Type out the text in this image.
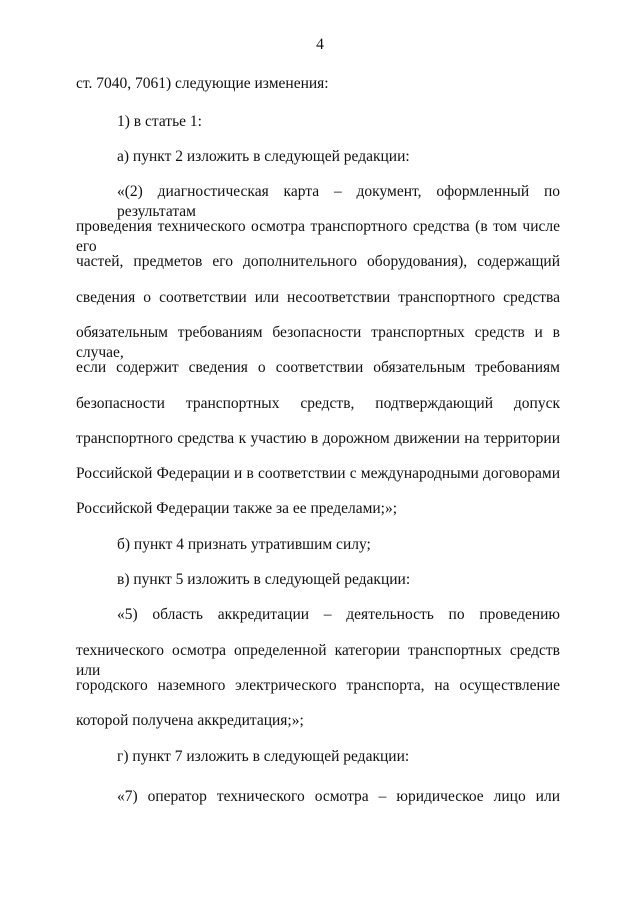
4
ст. 7040, 7061) следующие изменения:
1) в статье 1:
а) пункт 2 изложить в следующей редакции:
«(2) диагностическая карта – документ, оформленный по результатам
проведения технического осмотра транспортного средства (в том числе его
частей, предметов его дополнительного оборудования), содержащий
сведения о соответствии или несоответствии транспортного средства
обязательным требованиям безопасности транспортных средств и в случае,
если содержит сведения о соответствии обязательным требованиям
безопасности транспортных средств, подтверждающий допуск
транспортного средства к участию в дорожном движении на территории
Российской Федерации и в соответствии с международными договорами
Российской Федерации также за ее пределами;»;
б) пункт 4 признать утратившим силу;
в) пункт 5 изложить в следующей редакции:
«5) область аккредитации – деятельность по проведению
технического осмотра определенной категории транспортных средств или
городского наземного электрического транспорта, на осуществление
которой получена аккредитация;»;
г) пункт 7 изложить в следующей редакции:
«7) оператор технического осмотра – юридическое лицо или
